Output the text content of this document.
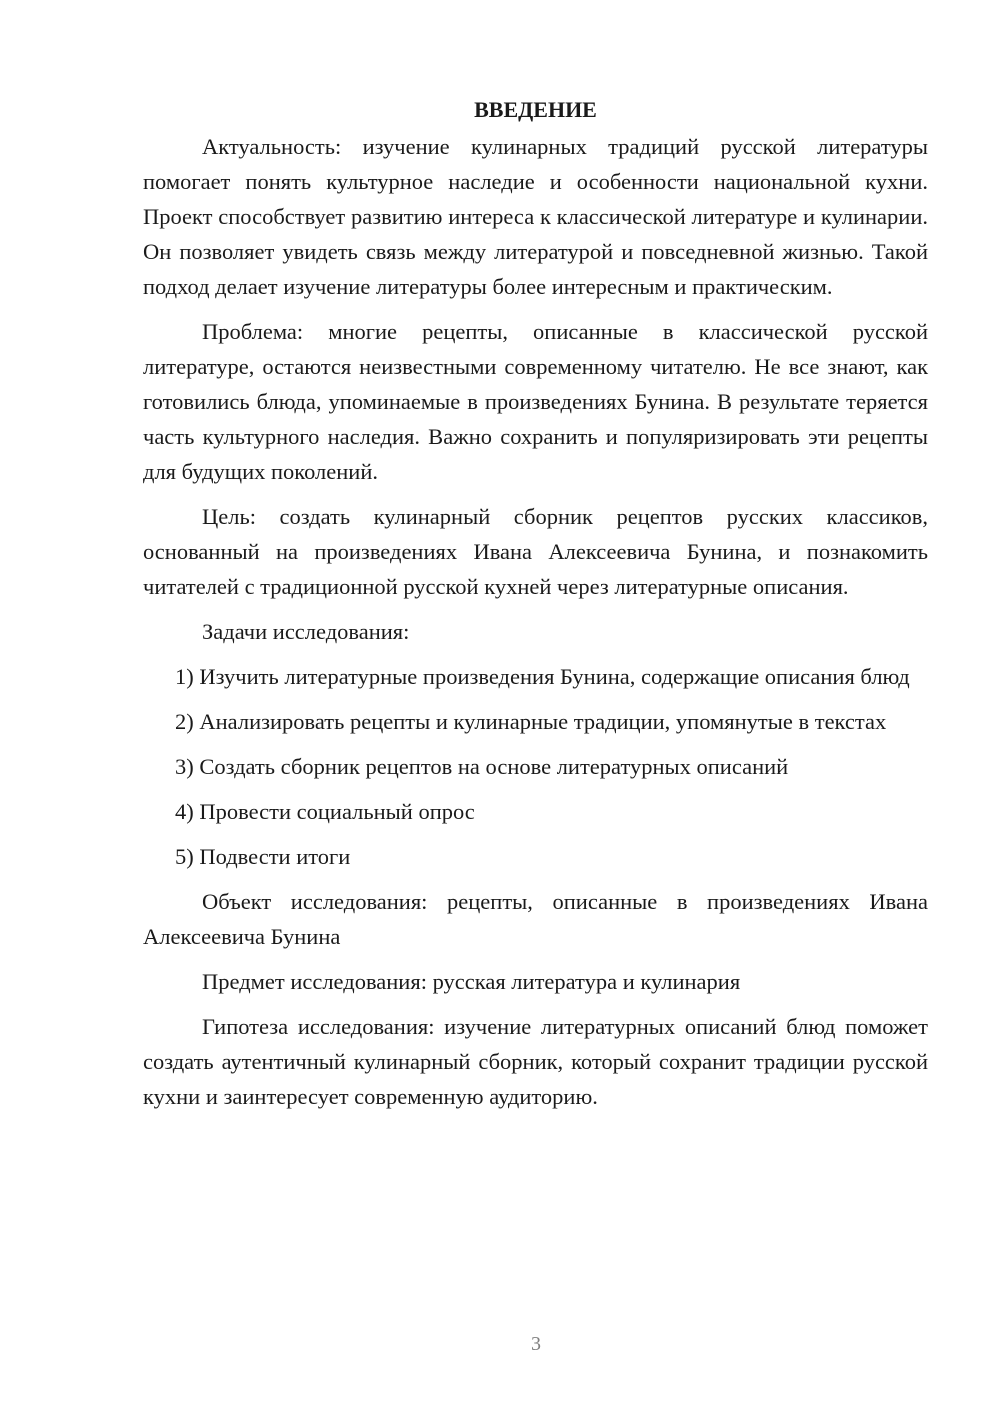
ВВЕДЕНИЕ

Актуальность: изучение кулинарных традиций русской литературы помогает понять культурное наследие и особенности национальной кухни. Проект способствует развитию интереса к классической литературе и кулинарии. Он позволяет увидеть связь между литературой и повседневной жизнью. Такой подход делает изучение литературы более интересным и практическим.

Проблема: многие рецепты, описанные в классической русской литературе, остаются неизвестными современному читателю. Не все знают, как готовились блюда, упоминаемые в произведениях Бунина. В результате теряется часть культурного наследия. Важно сохранить и популяризировать эти рецепты для будущих поколений.

Цель: создать кулинарный сборник рецептов русских классиков, основанный на произведениях Ивана Алексеевича Бунина, и познакомить читателей с традиционной русской кухней через литературные описания.

Задачи исследования:

1) Изучить литературные произведения Бунина, содержащие описания блюд

2) Анализировать рецепты и кулинарные традиции, упомянутые в текстах

3) Создать сборник рецептов на основе литературных описаний

4) Провести социальный опрос

5) Подвести итоги

Объект исследования: рецепты, описанные в произведениях Ивана Алексеевича Бунина

Предмет исследования: русская литература и кулинария

Гипотеза исследования: изучение литературных описаний блюд поможет создать аутентичный кулинарный сборник, который сохранит традиции русской кухни и заинтересует современную аудиторию.

3
